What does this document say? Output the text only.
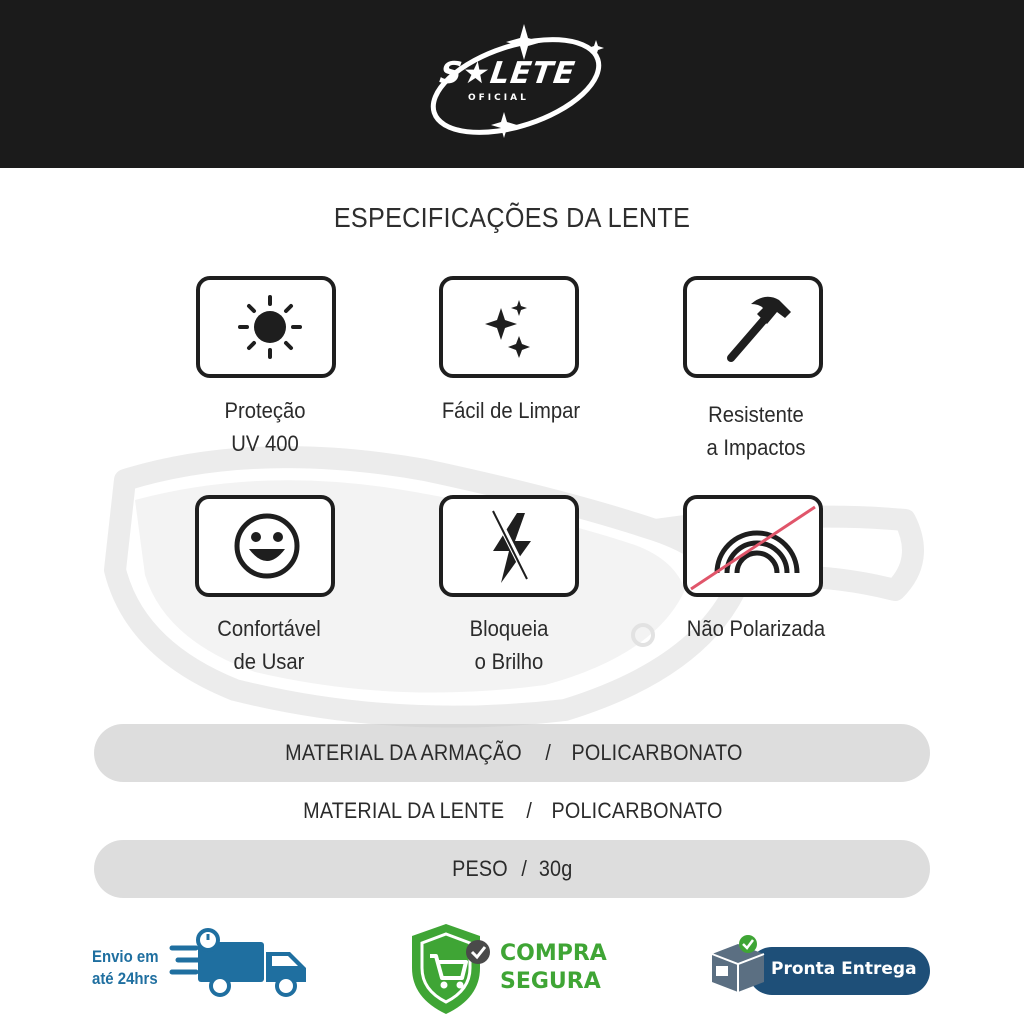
S★LETE
OFICIAL
ESPECIFICAÇÕES DA LENTE
Proteção
UV 400
Fácil de Limpar	Resistente
a Impactos
Confortável
de Usar
Bloqueia
o Brilho
Não Polarizada
MATERIAL DA ARMAÇÃO / POLICARBONATO
MATERIAL DA LENTE / POLICARBONATO
PESO / 30g
Envio em
até 24hrs
COMPRA
SEGURA	Pronta Entrega
